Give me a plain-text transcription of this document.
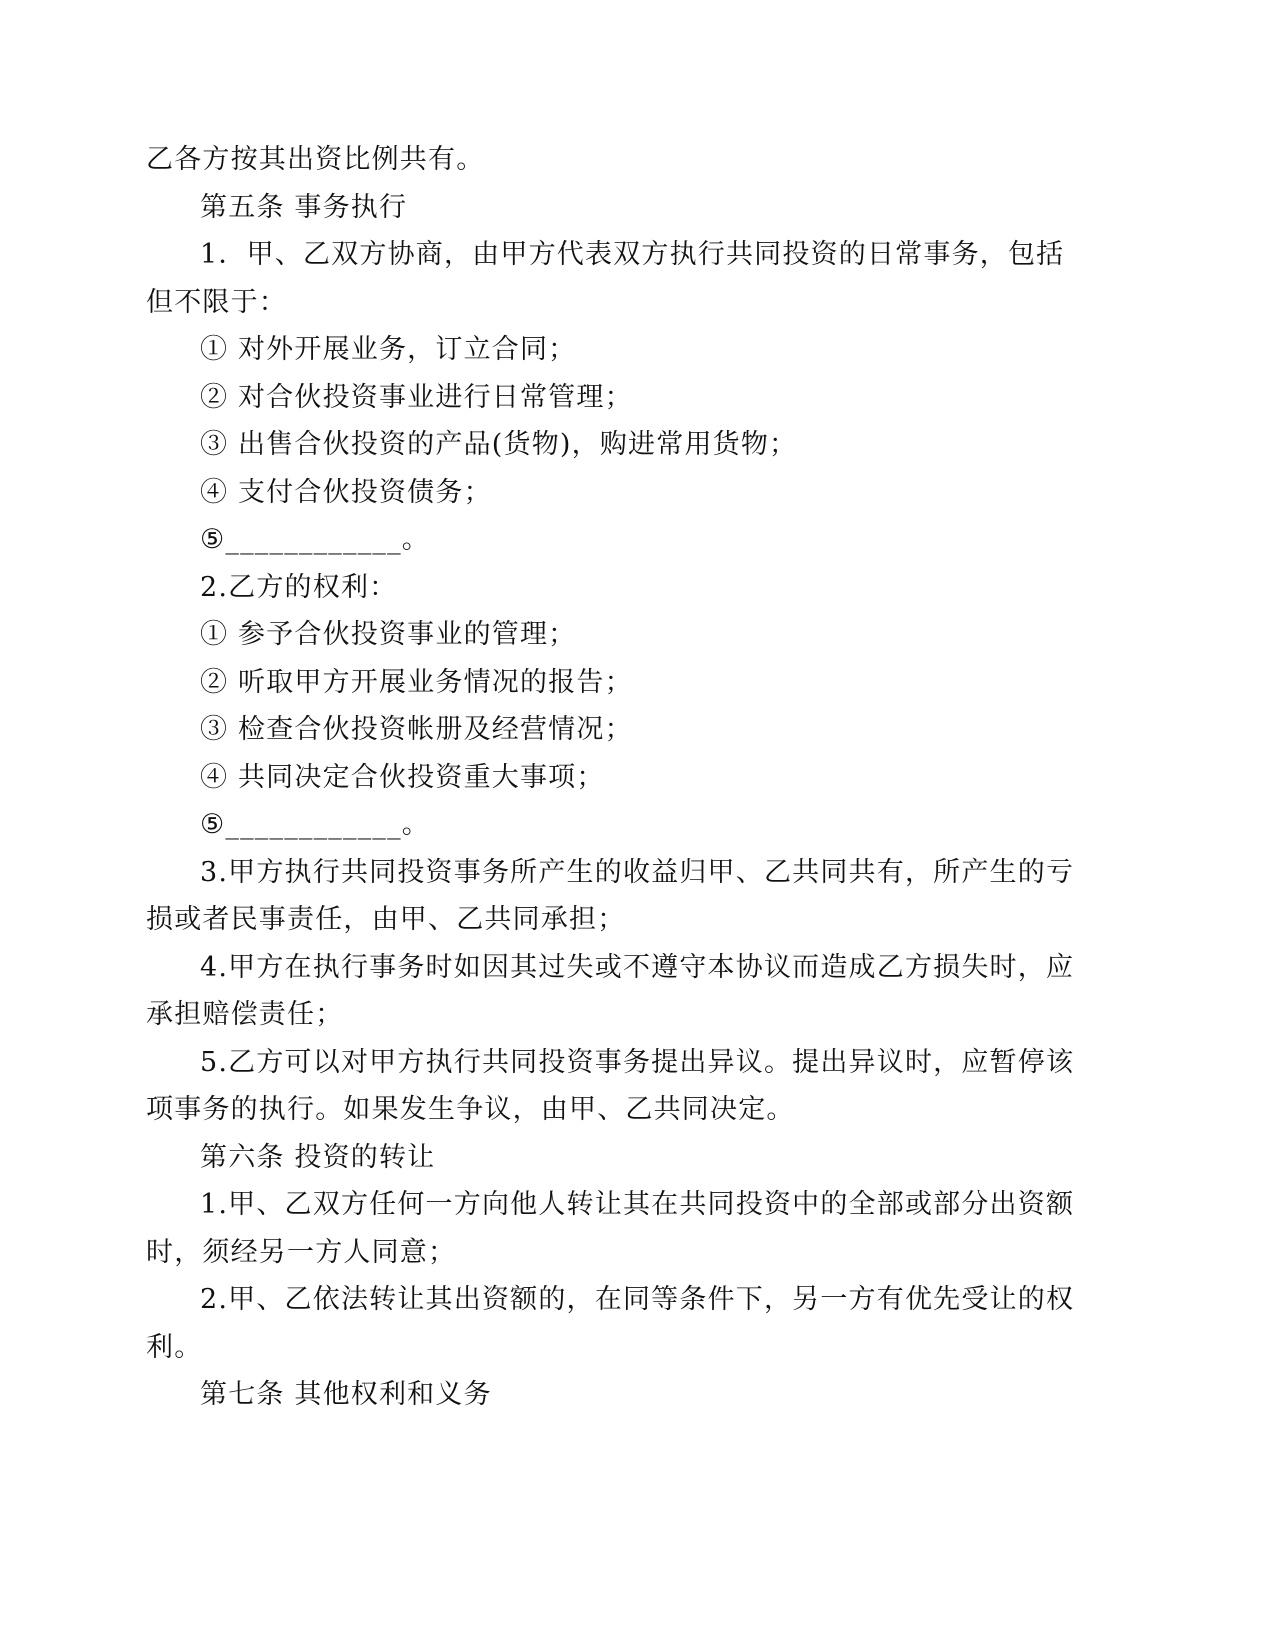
乙各方按其出资比例共有。
第五条 事务执行
1．甲、乙双方协商，由甲方代表双方执行共同投资的日常事务，包括
但不限于：
① 对外开展业务，订立合同；
② 对合伙投资事业进行日常管理；
③ 出售合伙投资的产品(货物)，购进常用货物；
④ 支付合伙投资债务；
⑤____________。
2.乙方的权利：
① 参予合伙投资事业的管理；
② 听取甲方开展业务情况的报告；
③ 检查合伙投资帐册及经营情况；
④ 共同决定合伙投资重大事项；
⑤____________。
3.甲方执行共同投资事务所产生的收益归甲、乙共同共有，所产生的亏
损或者民事责任，由甲、乙共同承担；
4.甲方在执行事务时如因其过失或不遵守本协议而造成乙方损失时，应
承担赔偿责任；
5.乙方可以对甲方执行共同投资事务提出异议。提出异议时，应暂停该
项事务的执行。如果发生争议，由甲、乙共同决定。
第六条 投资的转让
1.甲、乙双方任何一方向他人转让其在共同投资中的全部或部分出资额
时，须经另一方人同意；
2.甲、乙依法转让其出资额的，在同等条件下，另一方有优先受让的权
利。
第七条 其他权利和义务
